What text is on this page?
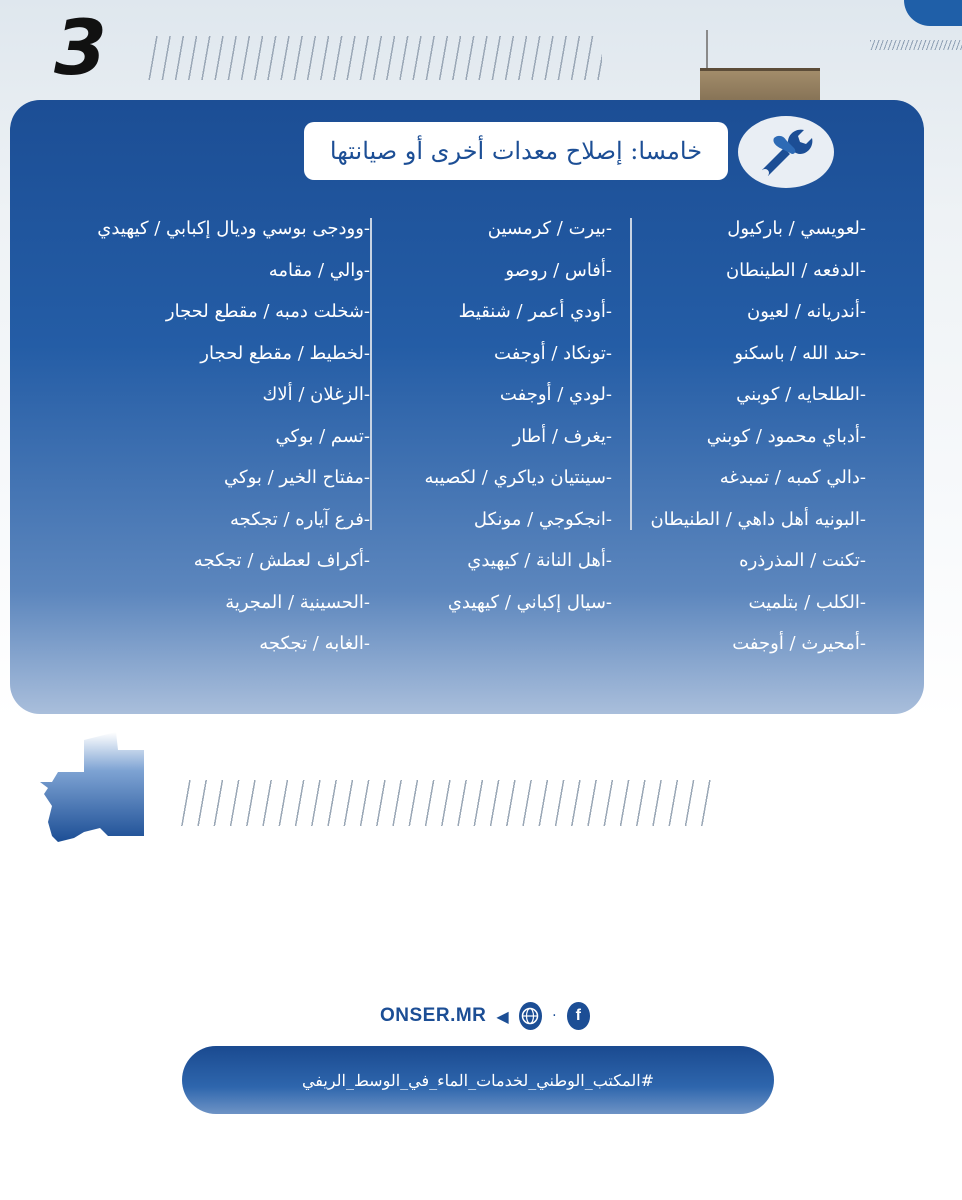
3
خامسا: إصلاح معدات أخرى أو صيانتها
-لعويسي / باركيول
-الدفعه / الطينطان
-أندريانه / لعيون
-حند الله / باسكنو
-الطلحايه / كوبني
-أدباي محمود / كوبني
-دالي كمبه / تمبدغه
-البونيه أهل داهي / الطنيطان
-تكنت / المذرذره
-الكلب / بتلميت
-أمحيرث / أوجفت
-بيرت / كرمسين
-أفاس / روصو
-أودي أعمر / شنقيط
-تونكاد / أوجفت
-لودي / أوجفت
-يغرف / أطار
-سينتيان دياكري / لكصيبه
-انجكوجي / مونكل
-أهل النانة / كيهيدي
-سيال إكباني / كيهيدي
-وودجى بوسي وديال إكبابي / كيهيدي
-والي / مقامه
-شخلت دمبه / مقطع لحجار
-لخطيط / مقطع لحجار
-الزغلان / ألاك
-تسم / بوكي
-مفتاح الخير / بوكي
-فرع آياره / تجكجه
-أكراف لعطش / تجكجه
-الحسينية / المجرية
-الغابه / تجكجه
ONSER.MR ◀	·	f
#المكتب_الوطني_لخدمات_الماء_في_الوسط_الريفي
